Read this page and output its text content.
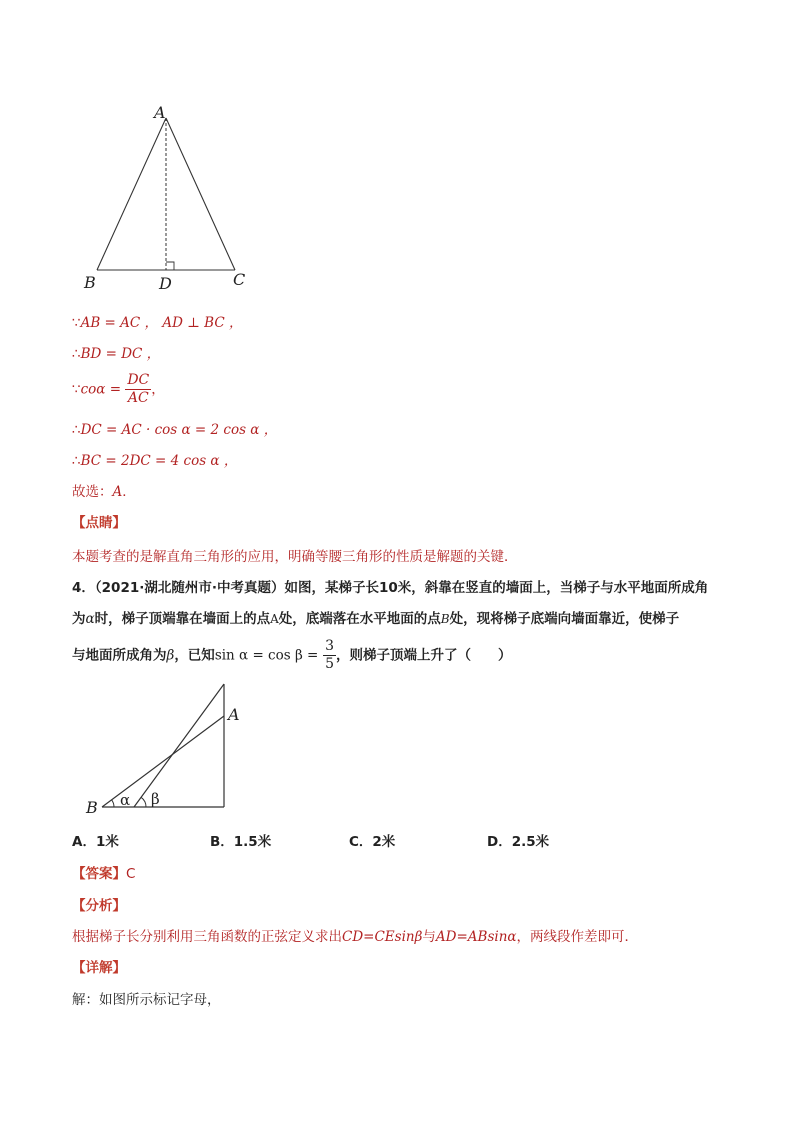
A
B	C
D
∵AB = AC ， AD ⊥ BC ，
∴BD = DC ，
∵coα = $\frac{DC}{AC}$ ，
∴DC = AC · cos α = 2 cos α ，
∴BC = 2DC = 4 cos α ，
故选：A．
【点睛】
本题考查的是解直角三角形的应用，明确等腰三角形的性质是解题的关键．
4．（2021·湖北随州市·中考真题）如图，某梯子长10米，斜靠在竖直的墙面上，当梯子与水平地面所成角
为α时，梯子顶端靠在墙面上的点A处，底端落在水平地面的点B处，现将梯子底端向墙面靠近，使梯子
与地面所成角为β，已知$\sin \alpha = \cos \beta = \frac{3}{5}$ ，则梯子顶端上升了（　　）
α β
A
B
A．1米	B．1.5米	C．2米	D．2.5米
【答案】C
【分析】
根据梯子长分别利用三角函数的正弦定义求出CD=CEsinβ与AD=ABsinα，两线段作差即可．
【详解】
解：如图所示标记字母，
